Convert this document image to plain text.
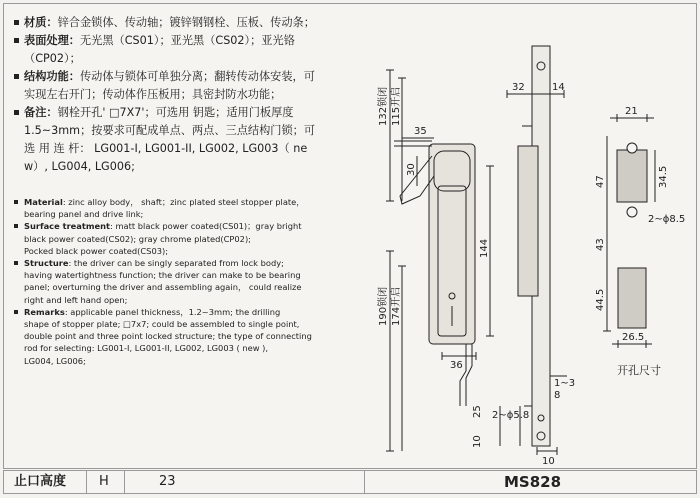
材质：锌合金锁体、传动轴；镀锌钢钢栓、压板、传动条；
表面处理：无光黑（CS01）；亚光黑（CS02）；亚光铬
（CP02）；
结构功能：传动体与锁体可单独分离；翻转传动体安装，可
实现左右开门；传动体作压板用；具密封防水功能；
备注：钢栓开孔' □7X7'；可选用 钥匙；适用门板厚度
1.5~3mm；按要求可配成单点、两点、三点结构门锁；可
选 用 连 杆： LG001-I, LG001-II, LG002, LG003（ ne
w）, LG004, LG006;
Material: zinc alloy body， shaft；zinc plated steel stopper plate，
bearing panel and drive link;
Surface treatment: matt black power coated(CS01)；gray bright
black power coated(CS02); gray chrome plated(CP02);
Pocked black power coated(CS03);
Structure: the driver can be singly separated from lock body;
having watertightness function; the driver can make to be bearing
panel; overturning the driver and assembling again， could realize
right and left hand open;
Remarks: applicable panel thickness，1.2~3mm; the drilling
shape of stopper plate; □7x7; could be assembled to single point,
double point and three point locked structure; the type of connecting
rod for selecting: LG001-I, LG001-II, LG002, LG003 ( new ),
LG004, LG006;
132锁闭 115开启
190锁闭 174开启
35
30
144
36
32	14
1~3
8
2~ϕ5.8
10
25
10
21
47	34.5
2~ϕ8.5
43
44.5
26.5
开孔尺寸
止口高度	H	23	MS828
